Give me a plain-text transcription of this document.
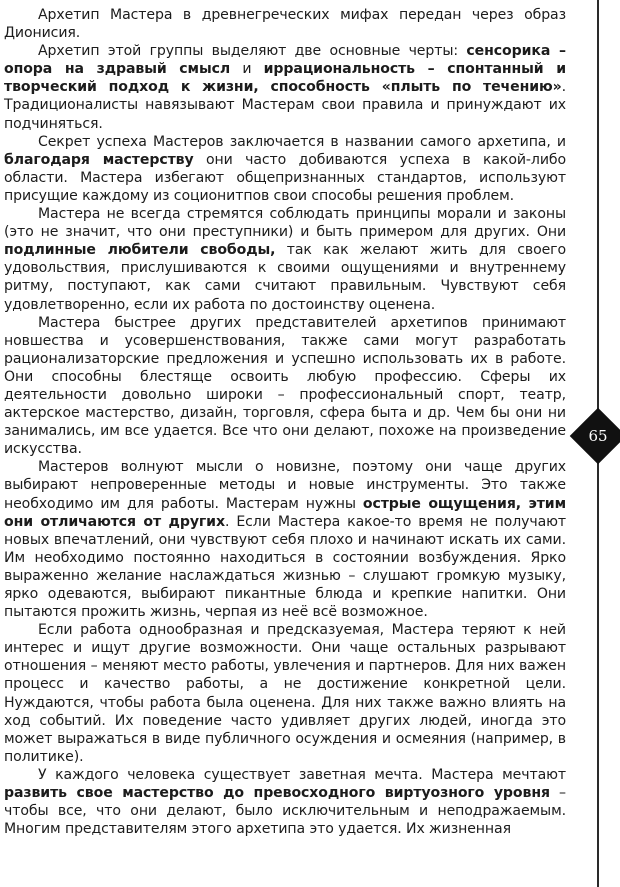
Архетип Мастера в древнегреческих мифах передан через образ Дионисия.

Архетип этой группы выделяют две основные черты: сенсорика – опора на здравый смысл и иррациональность – спонтанный и творческий подход к жизни, способность «плыть по течению». Традиционалисты навязывают Мастерам свои правила и принуждают их подчиняться.

Секрет успеха Мастеров заключается в названии самого архетипа, и благодаря мастерству они часто добиваются успеха в какой-либо области. Мастера избегают общепризнанных стандартов, используют присущие каждому из соционитпов свои способы решения проблем.

Мастера не всегда стремятся соблюдать принципы морали и законы (это не значит, что они преступники) и быть примером для других. Они подлинные любители свободы, так как желают жить для своего удовольствия, прислушиваются к своими ощущениями и внутреннему ритму, поступают, как сами считают правильным. Чувствуют себя удовлетворенно, если их работа по достоинству оценена.

Мастера быстрее других представителей архетипов принимают новшества и усовершенствования, также сами могут разработать рационализаторские предложения и успешно использовать их в работе. Они способны блестяще освоить любую профессию. Сферы их деятельности довольно широки – профессиональный спорт, театр, актерское мастерство, дизайн, торговля, сфера быта и др. Чем бы они ни занимались, им все удается. Все что они делают, похоже на произведение искусства.

Мастеров волнуют мысли о новизне, поэтому они чаще других выбирают непроверенные методы и новые инструменты. Это также необходимо им для работы. Мастерам нужны острые ощущения, этим они отличаются от других. Если Мастера какое-то время не получают новых впечатлений, они чувствуют себя плохо и начинают искать их сами. Им необходимо постоянно находиться в состоянии возбуждения. Ярко выраженно желание наслаждаться жизнью – слушают громкую музыку, ярко одеваются, выбирают пикантные блюда и крепкие напитки. Они пытаются прожить жизнь, черпая из неё всё возможное.

Если работа однообразная и предсказуемая, Мастера теряют к ней интерес и ищут другие возможности. Они чаще остальных разрывают отношения – меняют место работы, увлечения и партнеров. Для них важен процесс и качество работы, а не достижение конкретной цели. Нуждаются, чтобы работа была оценена. Для них также важно влиять на ход событий. Их поведение часто удивляет других людей, иногда это может выражаться в виде публичного осуждения и осмеяния (например, в политике).

У каждого человека существует заветная мечта. Мастера мечтают развить свое мастерство до превосходного виртуозного уровня – чтобы все, что они делают, было исключительным и неподражаемым. Многим представителям этого архетипа это удается. Их жизненная

65
